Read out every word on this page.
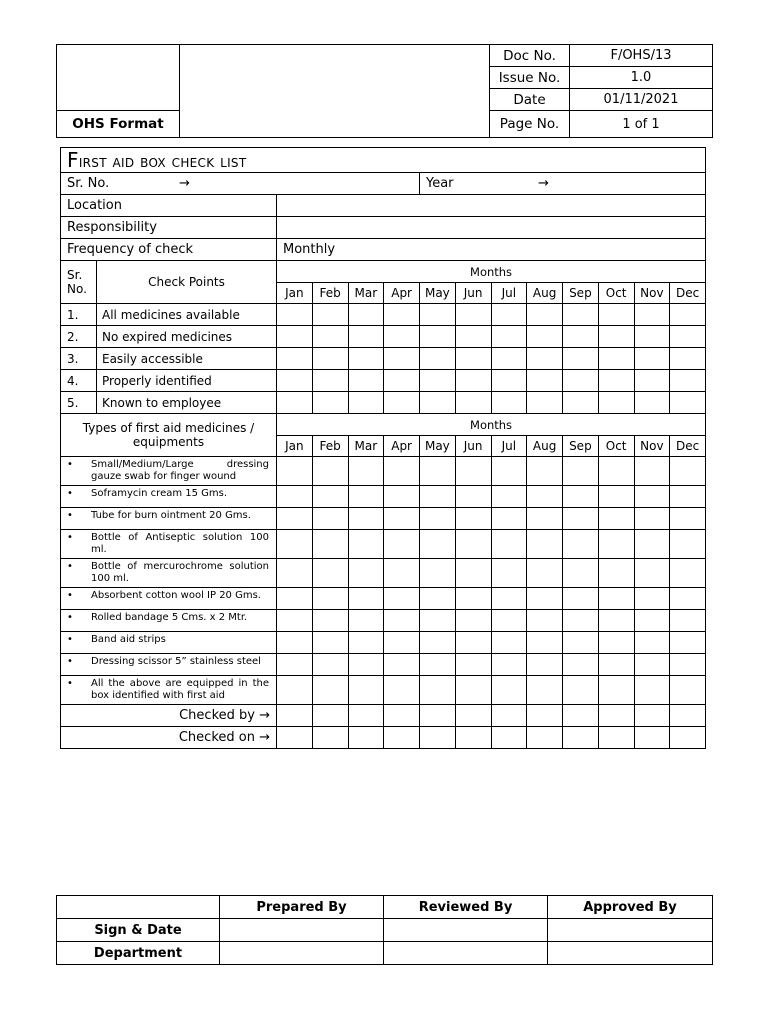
		Doc No.	F/OHS/13
		Issue No.	1.0
		Date	01/11/2021
OHS Format		Page No.	1 of 1
First aid box check list													
Sr. No. →						Year →							
Location													
Responsibility													
Frequency of check		Monthly											
Sr. No.	Check Points	Months											
		Jan	Feb	Mar	Apr	May	Jun	Jul	Aug	Sep	Oct	Nov	Dec
1.	All medicines available												
2.	No expired medicines												
3.	Easily accessible												
4.	Properly identified												
5.	Known to employee												
Types of first aid medicines / equipments		Months											
		Jan	Feb	Mar	Apr	May	Jun	Jul	Aug	Sep	Oct	Nov	Dec
• Small/Medium/Large dressing gauze swab for finger wound													
• Soframycin cream 15 Gms.													
• Tube for burn ointment 20 Gms.													
• Bottle of Antiseptic solution 100 ml.													
• Bottle of mercurochrome solution 100 ml.													
• Absorbent cotton wool IP 20 Gms.													
• Rolled bandage 5 Cms. x 2 Mtr.													
• Band aid strips													
• Dressing scissor 5” stainless steel													
• All the above are equipped in the box identified with first aid													
Checked by →													
Checked on →													
	Prepared By	Reviewed By	Approved By
Sign & Date			
Department			
